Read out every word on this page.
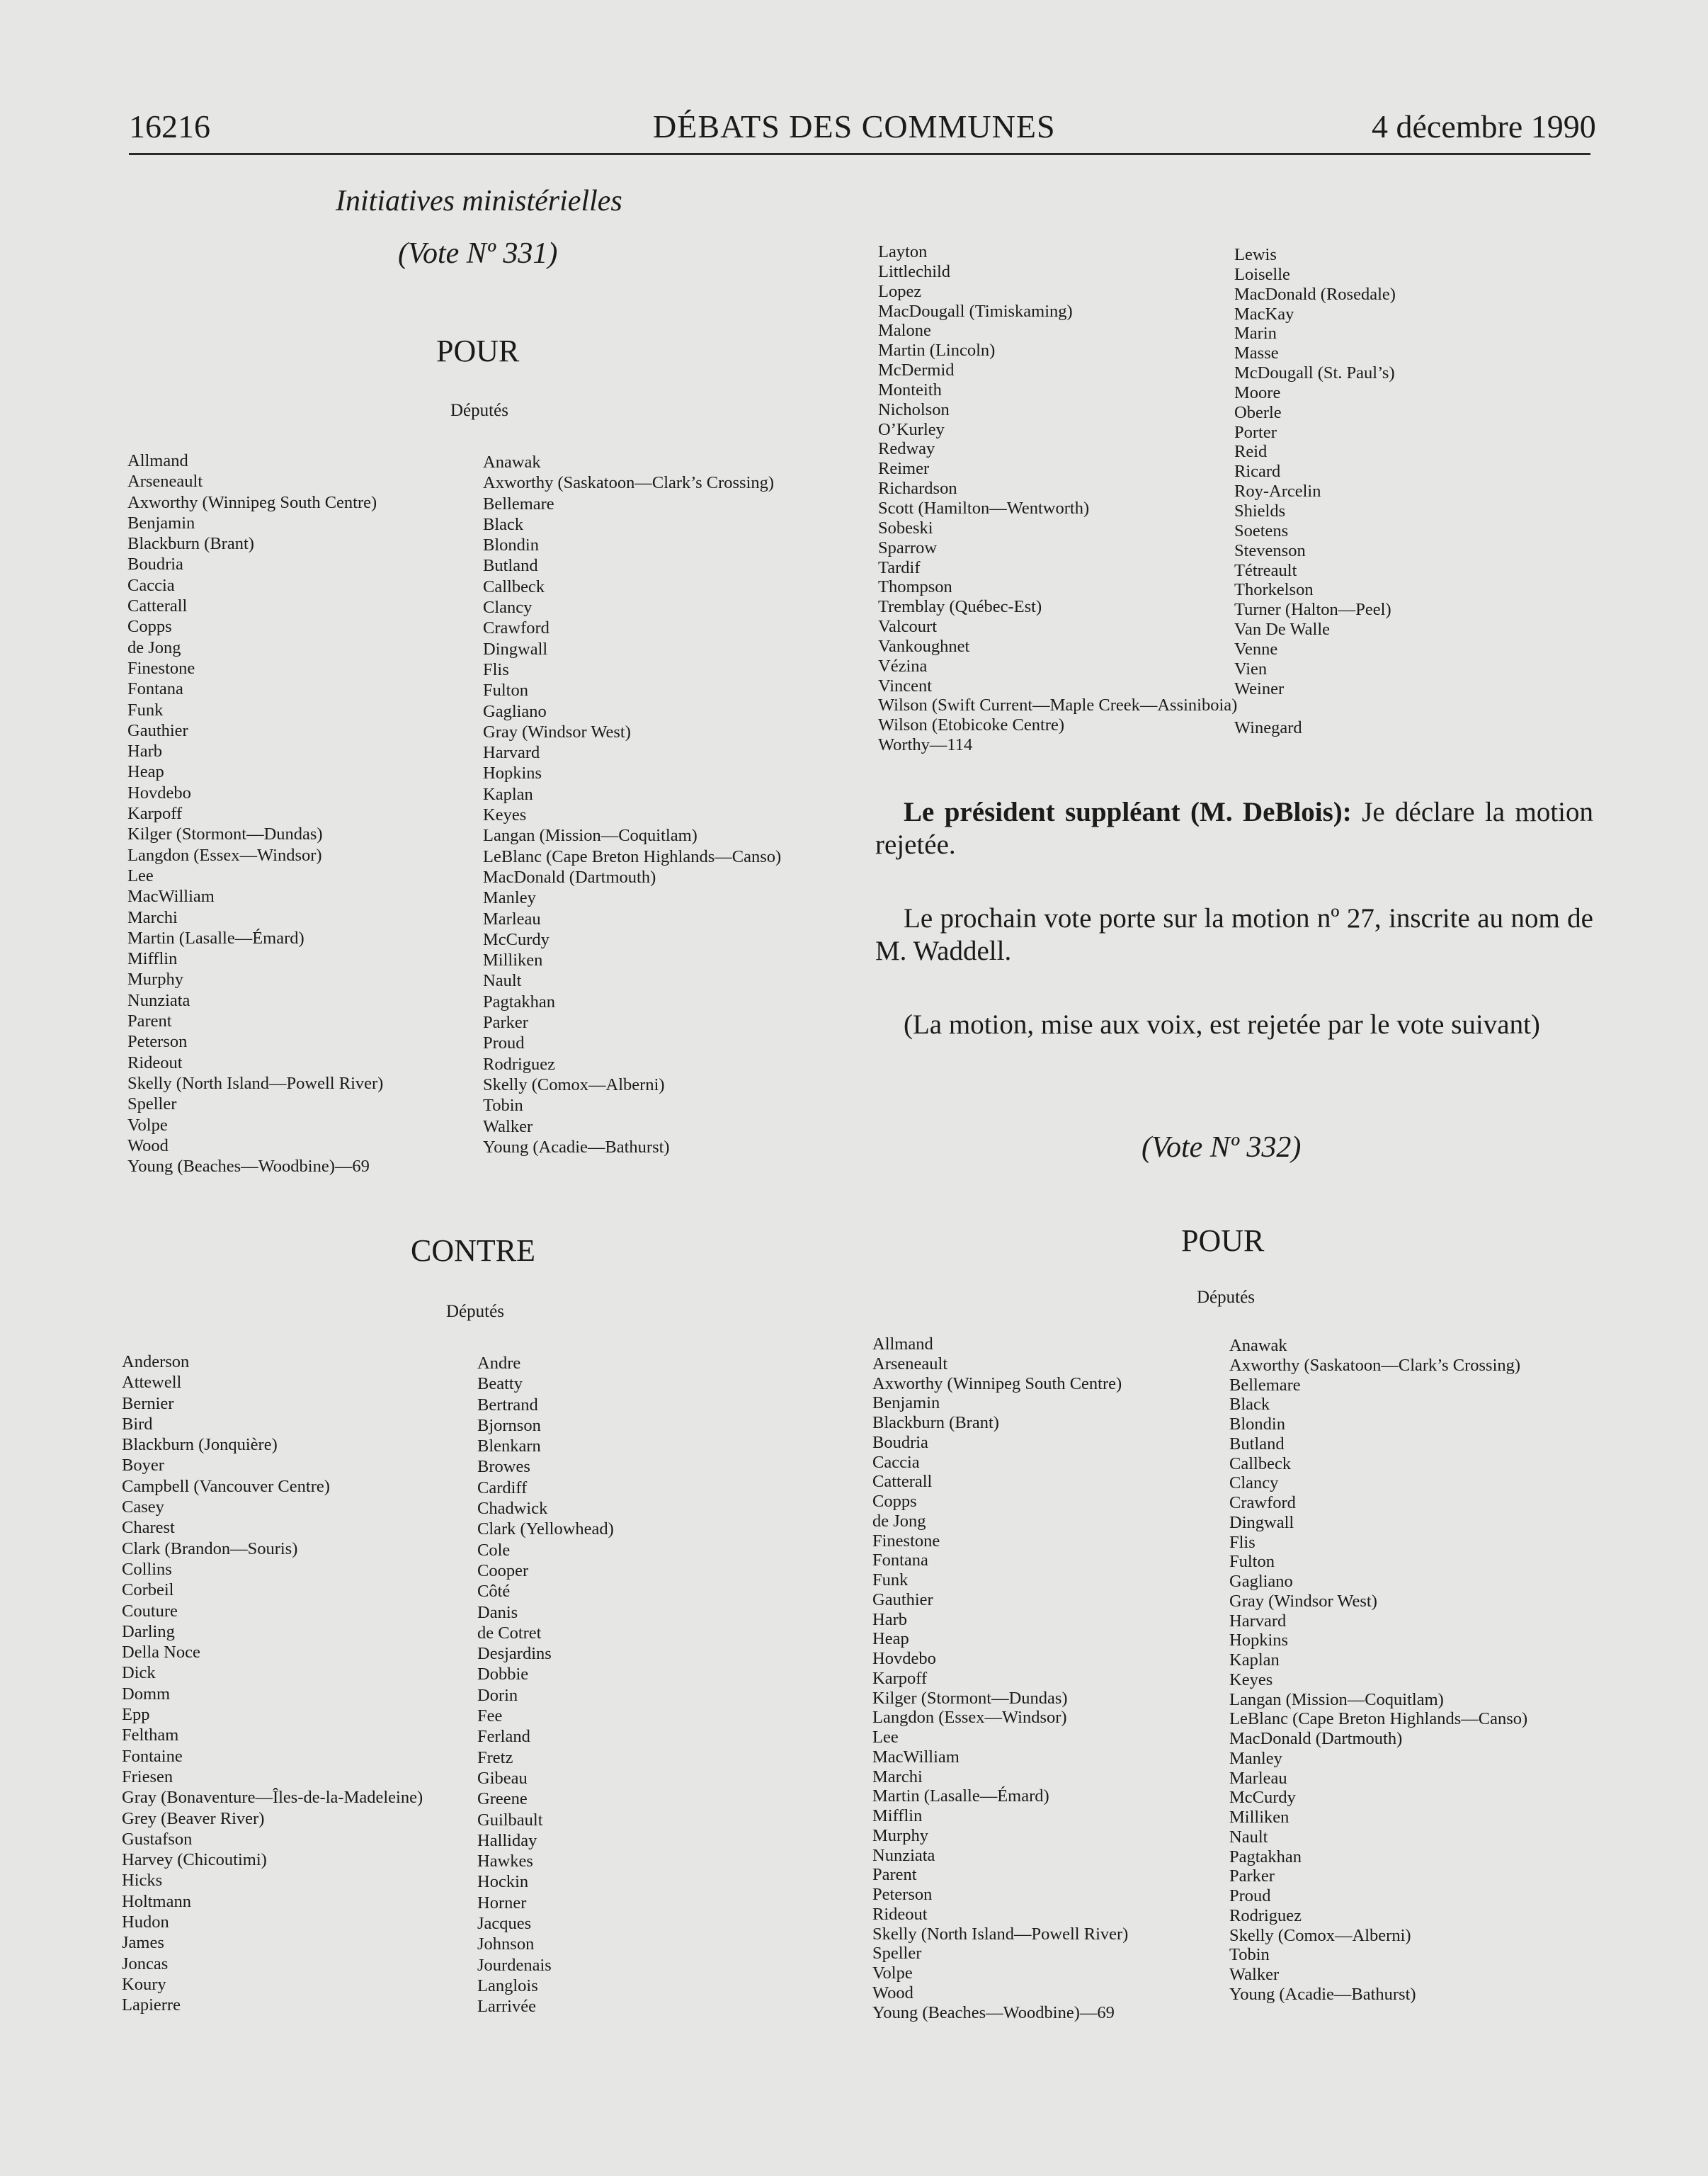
16216	DÉBATS DES COMMUNES	4 décembre 1990
Initiatives ministérielles
(Vote Nº 331)
POUR
Députés
Allmand
Arseneault
Axworthy (Winnipeg South Centre)
Benjamin
Blackburn (Brant)
Boudria
Caccia
Catterall
Copps
de Jong
Finestone
Fontana
Funk
Gauthier
Harb
Heap
Hovdebo
Karpoff
Kilger (Stormont—Dundas)
Langdon (Essex—Windsor)
Lee
MacWilliam
Marchi
Martin (Lasalle—Émard)
Mifflin
Murphy
Nunziata
Parent
Peterson
Rideout
Skelly (North Island—Powell River)
Speller
Volpe
Wood
Young (Beaches—Woodbine)—69
Anawak
Axworthy (Saskatoon—Clark’s Crossing)
Bellemare
Black
Blondin
Butland
Callbeck
Clancy
Crawford
Dingwall
Flis
Fulton
Gagliano
Gray (Windsor West)
Harvard
Hopkins
Kaplan
Keyes
Langan (Mission—Coquitlam)
LeBlanc (Cape Breton Highlands—Canso)
MacDonald (Dartmouth)
Manley
Marleau
McCurdy
Milliken
Nault
Pagtakhan
Parker
Proud
Rodriguez
Skelly (Comox—Alberni)
Tobin
Walker
Young (Acadie—Bathurst)
CONTRE
Députés
Anderson
Attewell
Bernier
Bird
Blackburn (Jonquière)
Boyer
Campbell (Vancouver Centre)
Casey
Charest
Clark (Brandon—Souris)
Collins
Corbeil
Couture
Darling
Della Noce
Dick
Domm
Epp
Feltham
Fontaine
Friesen
Gray (Bonaventure—Îles-de-la-Madeleine)
Grey (Beaver River)
Gustafson
Harvey (Chicoutimi)
Hicks
Holtmann
Hudon
James
Joncas
Koury
Lapierre
Andre
Beatty
Bertrand
Bjornson
Blenkarn
Browes
Cardiff
Chadwick
Clark (Yellowhead)
Cole
Cooper
Côté
Danis
de Cotret
Desjardins
Dobbie
Dorin
Fee
Ferland
Fretz
Gibeau
Greene
Guilbault
Halliday
Hawkes
Hockin
Horner
Jacques
Johnson
Jourdenais
Langlois
Larrivée
Layton
Littlechild
Lopez
MacDougall (Timiskaming)
Malone
Martin (Lincoln)
McDermid
Monteith
Nicholson
O’Kurley
Redway
Reimer
Richardson
Scott (Hamilton—Wentworth)
Sobeski
Sparrow
Tardif
Thompson
Tremblay (Québec-Est)
Valcourt
Vankoughnet
Vézina
Vincent
Wilson (Swift Current—Maple Creek—Assiniboia)
Wilson (Etobicoke Centre)
Worthy—114
Lewis
Loiselle
MacDonald (Rosedale)
MacKay
Marin
Masse
McDougall (St. Paul’s)
Moore
Oberle
Porter
Reid
Ricard
Roy-Arcelin
Shields
Soetens
Stevenson
Tétreault
Thorkelson
Turner (Halton—Peel)
Van De Walle
Venne
Vien
Weiner
Winegard
Le président suppléant (M. DeBlois): Je déclare la motion rejetée.
Le prochain vote porte sur la motion nº 27, inscrite au nom de M. Waddell.
(La motion, mise aux voix, est rejetée par le vote suivant)
(Vote Nº 332)
POUR
Députés
Allmand
Arseneault
Axworthy (Winnipeg South Centre)
Benjamin
Blackburn (Brant)
Boudria
Caccia
Catterall
Copps
de Jong
Finestone
Fontana
Funk
Gauthier
Harb
Heap
Hovdebo
Karpoff
Kilger (Stormont—Dundas)
Langdon (Essex—Windsor)
Lee
MacWilliam
Marchi
Martin (Lasalle—Émard)
Mifflin
Murphy
Nunziata
Parent
Peterson
Rideout
Skelly (North Island—Powell River)
Speller
Volpe
Wood
Young (Beaches—Woodbine)—69
Anawak
Axworthy (Saskatoon—Clark’s Crossing)
Bellemare
Black
Blondin
Butland
Callbeck
Clancy
Crawford
Dingwall
Flis
Fulton
Gagliano
Gray (Windsor West)
Harvard
Hopkins
Kaplan
Keyes
Langan (Mission—Coquitlam)
LeBlanc (Cape Breton Highlands—Canso)
MacDonald (Dartmouth)
Manley
Marleau
McCurdy
Milliken
Nault
Pagtakhan
Parker
Proud
Rodriguez
Skelly (Comox—Alberni)
Tobin
Walker
Young (Acadie—Bathurst)
